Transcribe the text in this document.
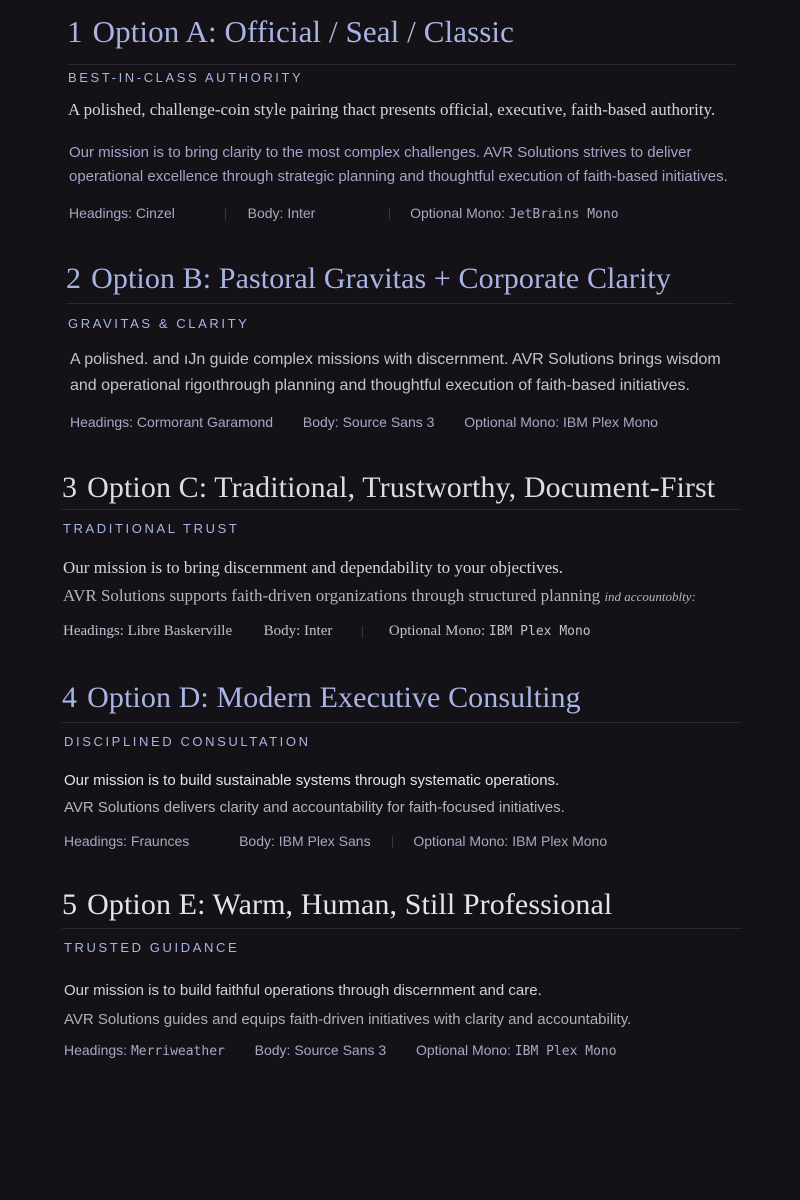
1 Option A: Official / Seal / Classic

BEST-IN-CLASS AUTHORITY

A polished, challenge-coin style pairing thact presents official, executive, faith-based authority.

Our mission is to bring clarity to the most complex challenges. AVR Solutions strives to deliver
operational excellence through strategic planning and thoughtful execution of faith-based initiatives.

Headings: Cinzel	Body: Inter	Optional Mono: JetBrains Mono

2 Option B: Pastoral Gravitas + Corporate Clarity

GRAVITAS & CLARITY

A polished. and ıJn guide complex missions with discernment. AVR Solutions brings wisdom
and operational rigoıthrough planning and thoughtful execution of faith-based initiatives.

Headings: Cormorant Garamond Body: Source Sans 3 Optional Mono: IBM Plex Mono

3 Option C: Traditional, Trustworthy, Document-First

TRADITIONAL TRUST

Our mission is to bring discernment and dependability to your objectives.
AVR Solutions supports faith-driven organizations through structured planning ind accountoblty:

Headings: Libre Baskerville Body: Inter	Optional Mono: IBM Plex Mono

4 Option D: Modern Executive Consulting

DISCIPLINED CONSULTATION

Our mission is to build sustainable systems through systematic operations.
AVR Solutions delivers clarity and accountability for faith-focused initiatives.

Headings: Fraunces	Body: IBM Plex Sans	Optional Mono: IBM Plex Mono

5 Option E: Warm, Human, Still Professional

TRUSTED GUIDANCE

Our mission is to build faithful operations through discernment and care.
AVR Solutions guides and equips faith-driven initiatives with clarity and accountability.

Headings: Merriweather Body: Source Sans 3 Optional Mono: IBM Plex Mono
